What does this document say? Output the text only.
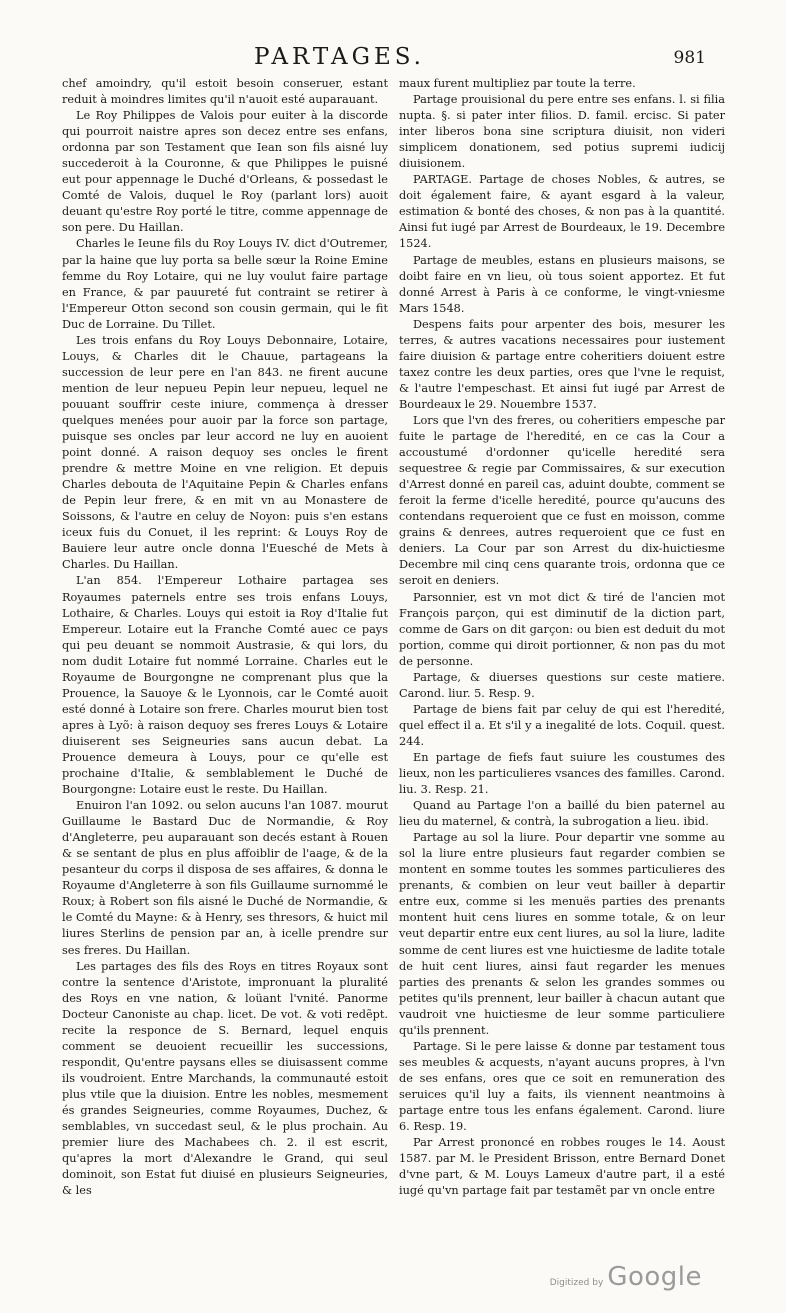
PARTAGES.	981

chef amoindry, qu'il estoit besoin conseruer, estant reduit à moindres limites qu'il n'auoit esté auparauant.

Le Roy Philippes de Valois pour euiter à la discorde qui pourroit naistre apres son decez entre ses enfans, ordonna par son Testament que Iean son fils aisné luy succederoit à la Couronne, & que Philippes le puisné eut pour appennage le Duché d'Orleans, & possedast le Comté de Valois, duquel le Roy (parlant lors) auoit deuant qu'estre Roy porté le titre, comme appennage de son pere. Du Haillan.

Charles le Ieune fils du Roy Louys IV. dict d'Outremer, par la haine que luy porta sa belle sœur la Roine Emine femme du Roy Lotaire, qui ne luy voulut faire partage en France, & par pauureté fut contraint se retirer à l'Empereur Otton second son cousin germain, qui le fit Duc de Lorraine. Du Tillet.

Les trois enfans du Roy Louys Debonnaire, Lotaire, Louys, & Charles dit le Chauue, partageans la succession de leur pere en l'an 843. ne firent aucune mention de leur nepueu Pepin leur nepueu, lequel ne pouuant souffrir ceste iniure, commença à dresser quelques menées pour auoir par la force son partage, puisque ses oncles par leur accord ne luy en auoient point donné. A raison dequoy ses oncles le firent prendre & mettre Moine en vne religion. Et depuis Charles debouta de l'Aquitaine Pepin & Charles enfans de Pepin leur frere, & en mit vn au Monastere de Soissons, & l'autre en celuy de Noyon: puis s'en estans iceux fuis du Conuet, il les reprint: & Louys Roy de Bauiere leur autre oncle donna l'Euesché de Mets à Charles. Du Haillan.

L'an 854. l'Empereur Lothaire partagea ses Royaumes paternels entre ses trois enfans Louys, Lothaire, & Charles. Louys qui estoit ia Roy d'Italie fut Empereur. Lotaire eut la Franche Comté auec ce pays qui peu deuant se nommoit Austrasie, & qui lors, du nom dudit Lotaire fut nommé Lorraine. Charles eut le Royaume de Bourgongne ne comprenant plus que la Prouence, la Sauoye & le Lyonnois, car le Comté auoit esté donné à Lotaire son frere. Charles mourut bien tost apres à Lyõ: à raison dequoy ses freres Louys & Lotaire diuiserent ses Seigneuries sans aucun debat. La Prouence demeura à Louys, pour ce qu'elle est prochaine d'Italie, & semblablement le Duché de Bourgongne: Lotaire eust le reste. Du Haillan.

Enuiron l'an 1092. ou selon aucuns l'an 1087. mourut Guillaume le Bastard Duc de Normandie, & Roy d'Angleterre, peu auparauant son decés estant à Rouen & se sentant de plus en plus affoiblir de l'aage, & de la pesanteur du corps il disposa de ses affaires, & donna le Royaume d'Angleterre à son fils Guillaume surnommé le Roux; à Robert son fils aisné le Duché de Normandie, & le Comté du Mayne: & à Henry, ses thresors, & huict mil liures Sterlins de pension par an, à icelle prendre sur ses freres. Du Haillan.

Les partages des fils des Roys en titres Royaux sont contre la sentence d'Aristote, impronuant la pluralité des Roys en vne nation, & loüant l'vnité. Panorme Docteur Canoniste au chap. licet. De vot. & voti redẽpt. recite la responce de S. Bernard, lequel enquis comment se deuoient recueillir les successions, respondit, Qu'entre paysans elles se diuisassent comme ils voudroient. Entre Marchands, la communauté estoit plus vtile que la diuision. Entre les nobles, mesmement és grandes Seigneuries, comme Royaumes, Duchez, & semblables, vn succedast seul, & le plus prochain. Au premier liure des Machabees ch. 2. il est escrit, qu'apres la mort d'Alexandre le Grand, qui seul dominoit, son Estat fut diuisé en plusieurs Seigneuries, & les

maux furent multipliez par toute la terre.

Partage prouisional du pere entre ses enfans. l. si filia nupta. §. si pater inter filios. D. famil. ercisc. Si pater inter liberos bona sine scriptura diuisit, non videri simplicem donationem, sed potius supremi iudicij diuisionem.

PARTAGE. Partage de choses Nobles, & autres, se doit également faire, & ayant esgard à la valeur, estimation & bonté des choses, & non pas à la quantité. Ainsi fut iugé par Arrest de Bourdeaux, le 19. Decembre 1524.

Partage de meubles, estans en plusieurs maisons, se doibt faire en vn lieu, où tous soient apportez. Et fut donné Arrest à Paris à ce conforme, le vingt-vniesme Mars 1548.

Despens faits pour arpenter des bois, mesurer les terres, & autres vacations necessaires pour iustement faire diuision & partage entre coheritiers doiuent estre taxez contre les deux parties, ores que l'vne le requist, & l'autre l'empeschast. Et ainsi fut iugé par Arrest de Bourdeaux le 29. Nouembre 1537.

Lors que l'vn des freres, ou coheritiers empesche par fuite le partage de l'heredité, en ce cas la Cour a accoustumé d'ordonner qu'icelle heredité sera sequestree & regie par Commissaires, & sur execution d'Arrest donné en pareil cas, aduint doubte, comment se feroit la ferme d'icelle heredité, pource qu'aucuns des contendans requeroient que ce fust en moisson, comme grains & denrees, autres requeroient que ce fust en deniers. La Cour par son Arrest du dix-huictiesme Decembre mil cinq cens quarante trois, ordonna que ce seroit en deniers.

Parsonnier, est vn mot dict & tiré de l'ancien mot François parçon, qui est diminutif de la diction part, comme de Gars on dit garçon: ou bien est deduit du mot portion, comme qui diroit portionner, & non pas du mot de personne.

Partage, & diuerses questions sur ceste matiere. Carond. liur. 5. Resp. 9.

Partage de biens fait par celuy de qui est l'heredité, quel effect il a. Et s'il y a inegalité de lots. Coquil. quest. 244.

En partage de fiefs faut suiure les coustumes des lieux, non les particulieres vsances des familles. Carond. liu. 3. Resp. 21.

Quand au Partage l'on a baillé du bien paternel au lieu du maternel, & contrà, la subrogation a lieu. ibid.

Partage au sol la liure. Pour departir vne somme au sol la liure entre plusieurs faut regarder combien se montent en somme toutes les sommes particulieres des prenants, & combien on leur veut bailler à departir entre eux, comme si les menuës parties des prenants montent huit cens liures en somme totale, & on leur veut departir entre eux cent liures, au sol la liure, ladite somme de cent liures est vne huictiesme de ladite totale de huit cent liures, ainsi faut regarder les menues parties des prenants & selon les grandes sommes ou petites qu'ils prennent, leur bailler à chacun autant que vaudroit vne huictiesme de leur somme particuliere qu'ils prennent.

Partage. Si le pere laisse & donne par testament tous ses meubles & acquests, n'ayant aucuns propres, à l'vn de ses enfans, ores que ce soit en remuneration des seruices qu'il luy a faits, ils viennent neantmoins à partage entre tous les enfans également. Carond. liure 6. Resp. 19.

Par Arrest prononcé en robbes rouges le 14. Aoust 1587. par M. le President Brisson, entre Bernard Donet d'vne part, & M. Louys Lameux d'autre part, il a esté iugé qu'vn partage fait par testamẽt par vn oncle entre

Digitized by Google
